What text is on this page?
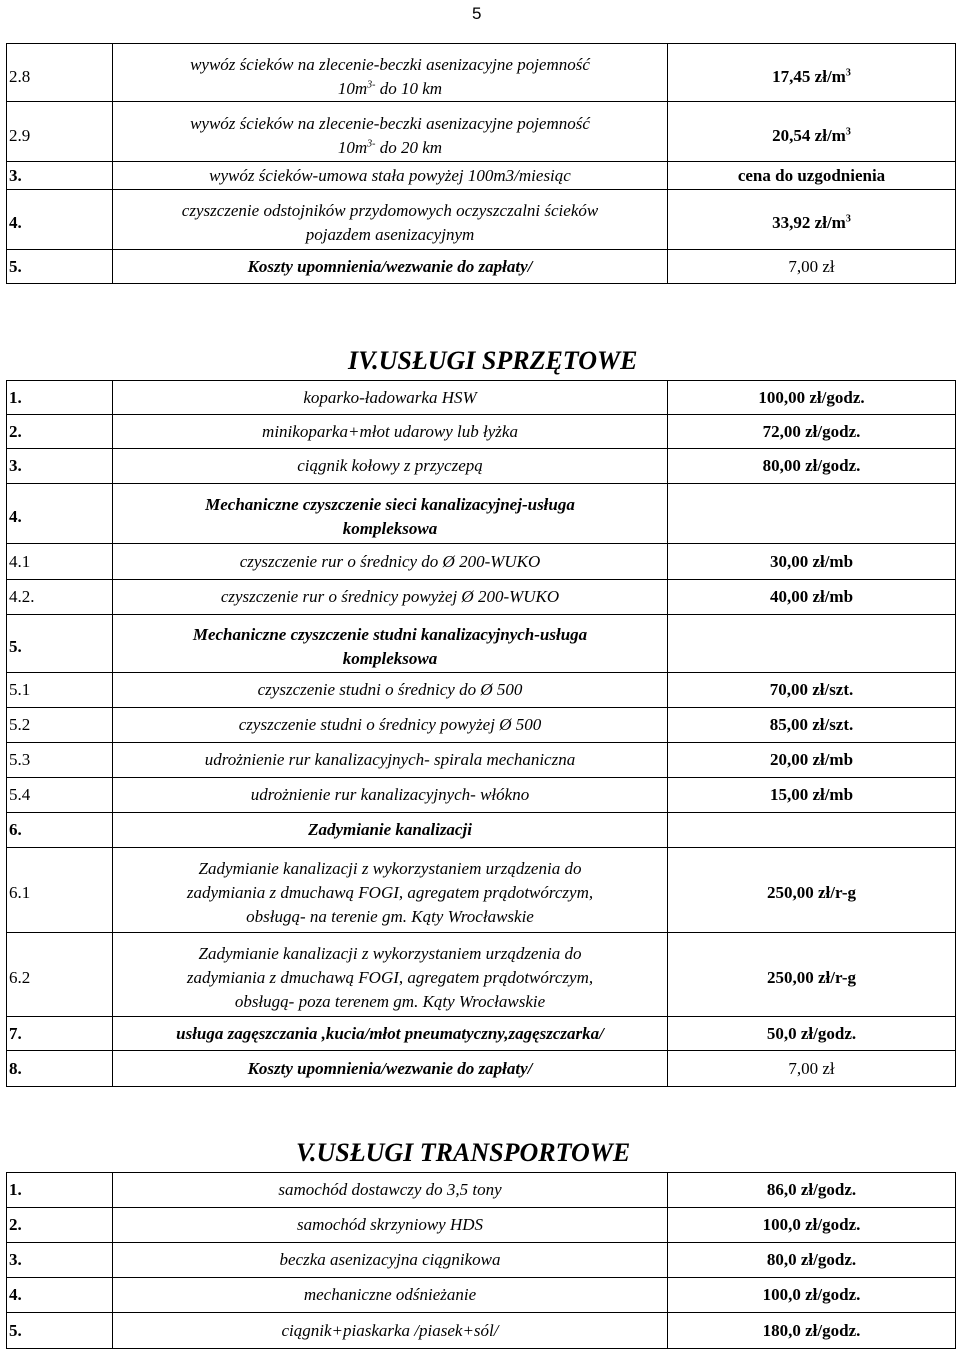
5
2.8	wywóz ścieków na zlecenie-beczki asenizacyjne pojemność
$10m^{3-}$ do 10 km	17,45 $zł/m^3$
2.9	wywóz ścieków na zlecenie-beczki asenizacyjne pojemność
$10m^{3-}$ do 20 km	20,54 $zł/m^3$
3.	wywóz ścieków-umowa stała powyżej 100m3/miesiąc	cena do uzgodnienia
4.	czyszczenie odstojników przydomowych oczyszczalni ścieków
pojazdem asenizacyjnym	33,92 $zł/m^3$
5.	Koszty upomnienia/wezwanie do zapłaty/	7,00 zł
IV.USŁUGI SPRZĘTOWE
1.	koparko-ładowarka HSW	100,00 zł/godz.
2.	minikoparka+młot udarowy lub łyżka	72,00 zł/godz.
3.	ciągnik kołowy z przyczepą	80,00 zł/godz.
4.	Mechaniczne czyszczenie sieci kanalizacyjnej-usługa
kompleksowa	

4.1	czyszczenie rur o średnicy do Ø 200-WUKO	30,00 zł/mb
4.2.	czyszczenie rur o średnicy powyżej Ø 200-WUKO	40,00 zł/mb
5.	Mechaniczne czyszczenie studni kanalizacyjnych-usługa
kompleksowa	

5.1	czyszczenie studni o średnicy do Ø 500	70,00 zł/szt.
5.2	czyszczenie studni o średnicy powyżej Ø 500	85,00 zł/szt.
5.3	udrożnienie rur kanalizacyjnych- spirala mechaniczna	20,00 zł/mb
5.4	udrożnienie rur kanalizacyjnych- włókno	15,00 zł/mb
6.	Zadymianie kanalizacji	
6.1	Zadymianie kanalizacji z wykorzystaniem urządzenia do
zadymiania z dmuchawą FOGI, agregatem prądotwórczym,
obsługą- na terenie gm. Kąty Wrocławskie	250,00 zł/r-g
6.2	Zadymianie kanalizacji z wykorzystaniem urządzenia do
zadymiania z dmuchawą FOGI, agregatem prądotwórczym,
obsługą- poza terenem gm. Kąty Wrocławskie	250,00 zł/r-g
7.	usługa zagęszczania ,kucia/młot pneumatyczny,zagęszczarka/	50,0 zł/godz.
8.	Koszty upomnienia/wezwanie do zapłaty/	7,00 zł
V.USŁUGI TRANSPORTOWE
1.	samochód dostawczy do 3,5 tony	86,0 zł/godz.
2.	samochód skrzyniowy HDS	100,0 zł/godz.
3.	beczka asenizacyjna ciągnikowa	80,0 zł/godz.
4.	mechaniczne odśnieżanie	100,0 zł/godz.
5.	ciągnik+piaskarka /piasek+sól/	180,0 zł/godz.
